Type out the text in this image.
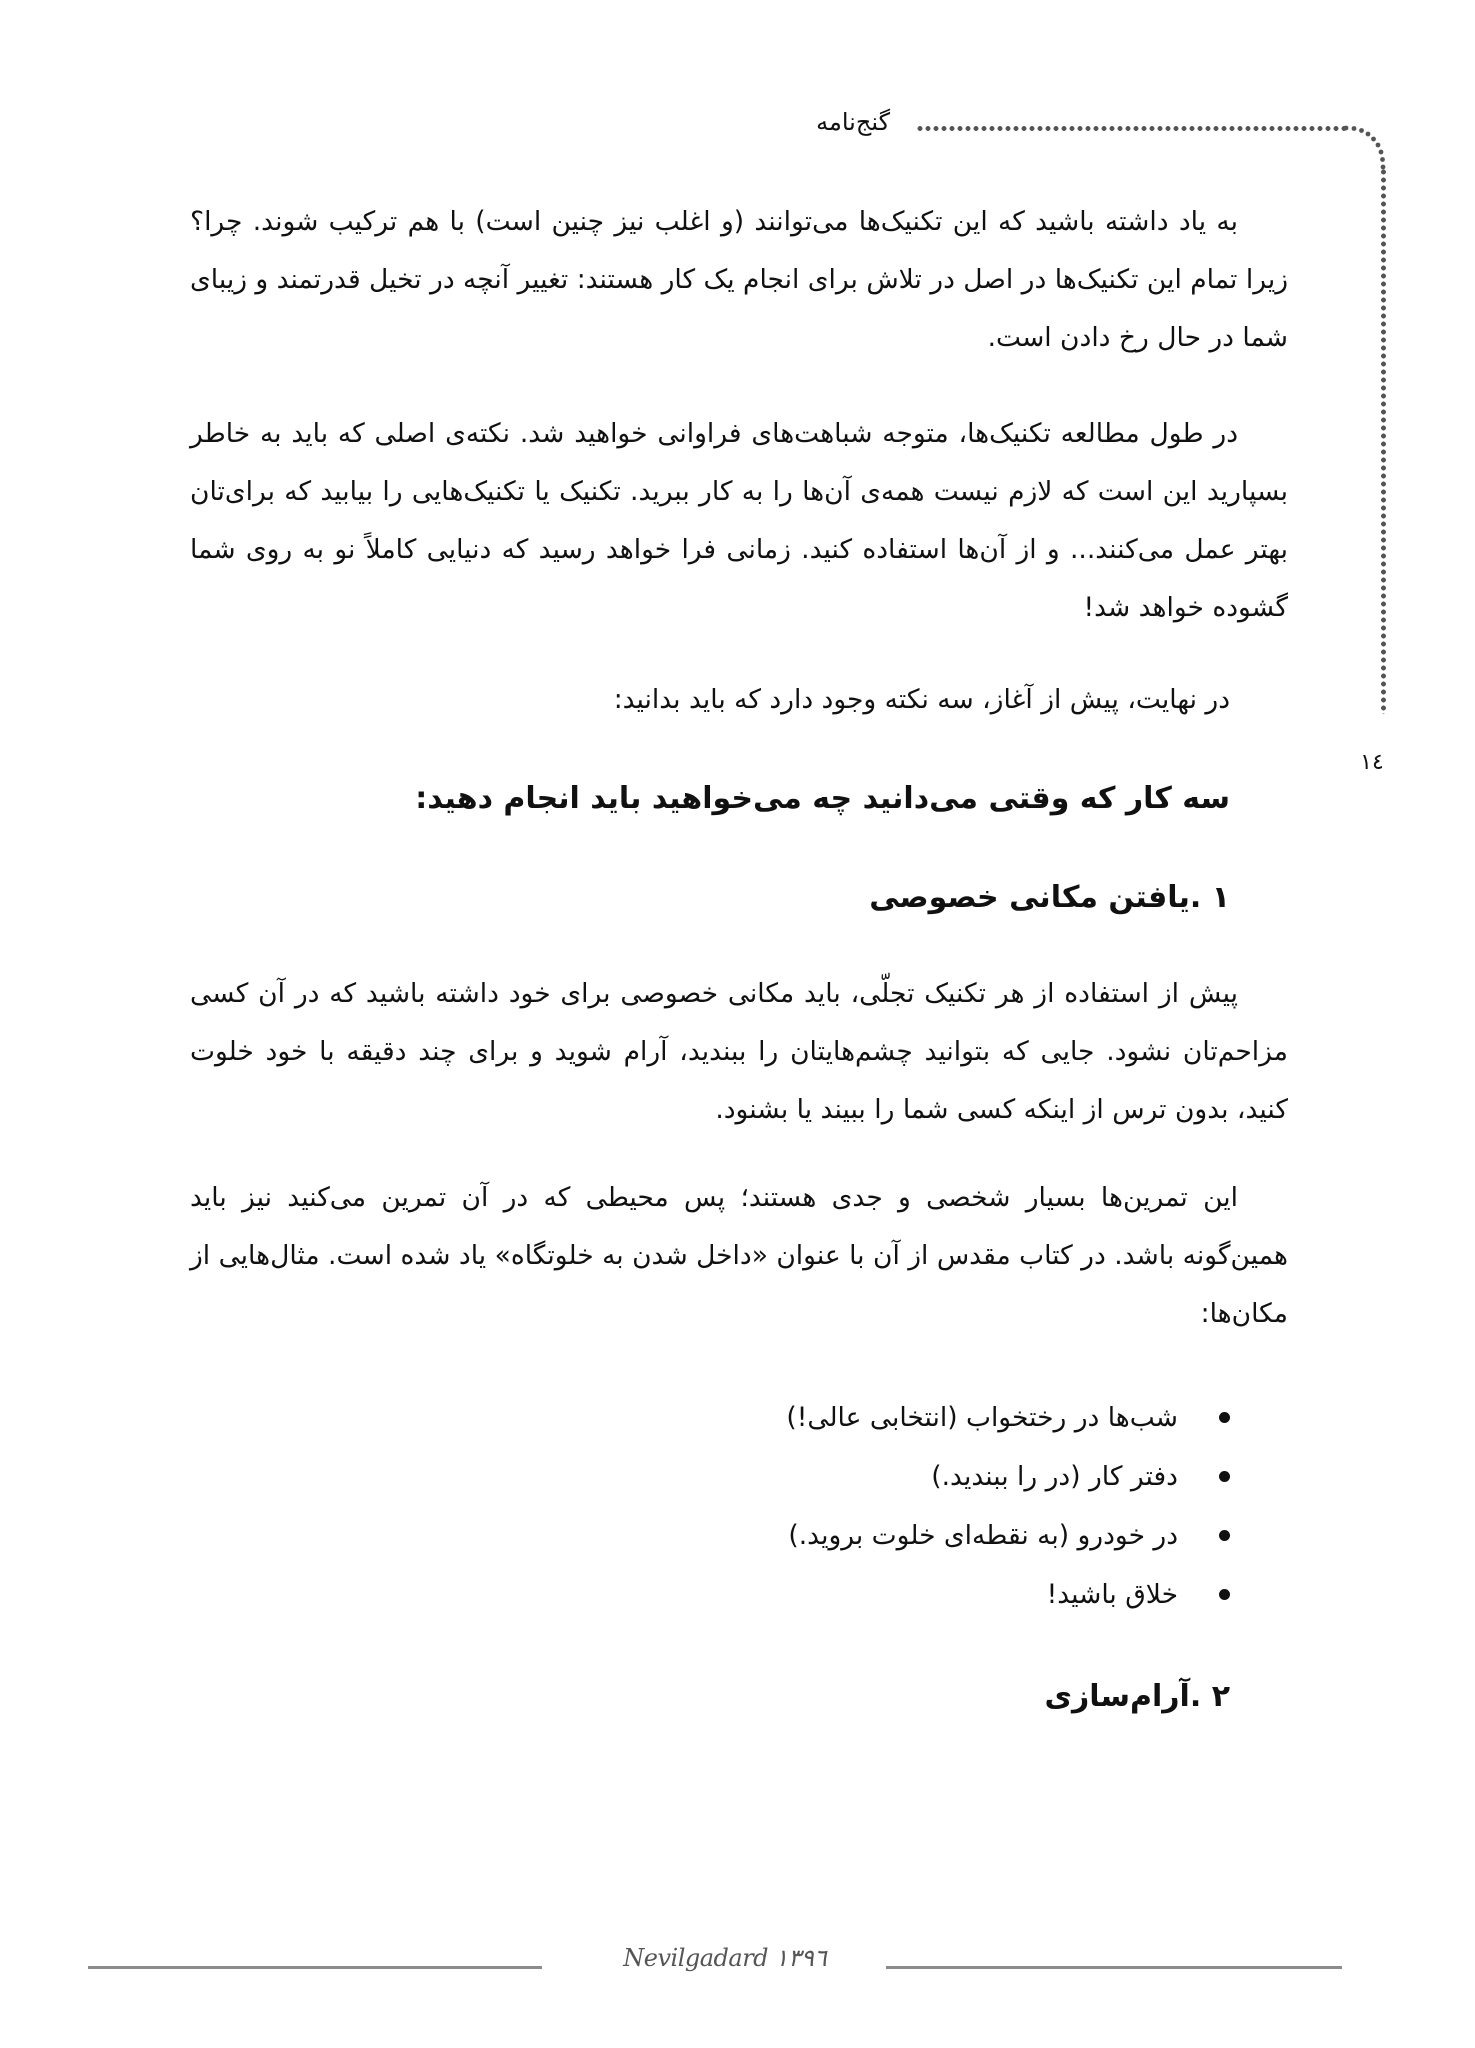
گنج‌نامه
١٤
به یاد داشته باشید که این تکنیک‌ها می‌توانند (و اغلب نیز چنین است) با هم ترکیب شوند. چرا؟ زیرا تمام این تکنیک‌ها در اصل در تلاش برای انجام یک کار هستند: تغییر آنچه در تخیل قدرتمند و زیبای شما در حال رخ دادن است.
در طول مطالعه تکنیک‌ها، متوجه شباهت‌های فراوانی خواهید شد. نکته‌ی اصلی که باید به خاطر بسپارید این است که لازم نیست همه‌ی آن‌ها را به کار ببرید. تکنیک یا تکنیک‌هایی را بیابید که برای‌تان بهتر عمل می‌کنند... و از آن‌ها استفاده کنید. زمانی فرا خواهد رسید که دنیایی کاملاً نو به روی شما گشوده خواهد شد!
در نهایت، پیش از آغاز، سه نکته وجود دارد که باید بدانید:
سه کار که وقتی می‌دانید چه می‌خواهید باید انجام دهید:
۱ .یافتن مکانی خصوصی
پیش از استفاده از هر تکنیک تجلّی، باید مکانی خصوصی برای خود داشته باشید که در آن کسی مزاحم‌تان نشود. جایی که بتوانید چشم‌هایتان را ببندید، آرام شوید و برای چند دقیقه با خود خلوت کنید، بدون ترس از اینکه کسی شما را ببیند یا بشنود.
این تمرین‌ها بسیار شخصی و جدی هستند؛ پس محیطی که در آن تمرین می‌کنید نیز باید همین‌گونه باشد. در کتاب مقدس از آن با عنوان «داخل شدن به خلوتگاه» یاد شده است. مثال‌هایی از مکان‌ها:
شب‌ها در رختخواب (انتخابی عالی!)
دفتر کار (در را ببندید.)
در خودرو (به نقطه‌ای خلوت بروید.)
خلاق باشید!
۲ .آرام‌سازی
Nevilgadard ١٣٩٦
